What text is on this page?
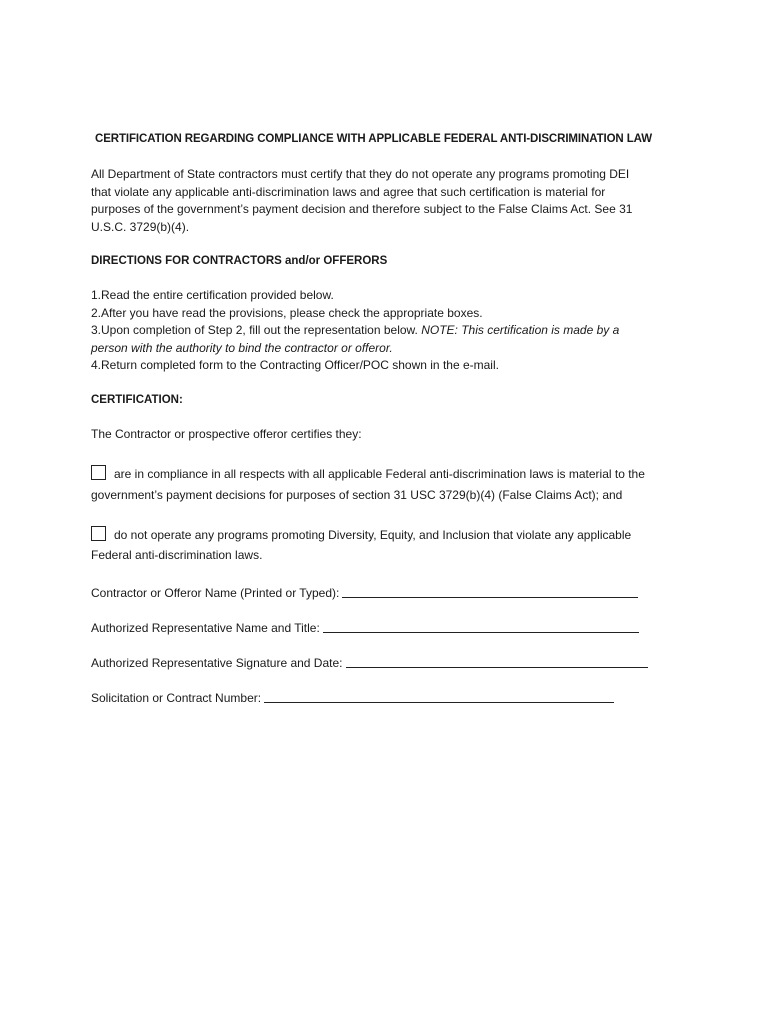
CERTIFICATION REGARDING COMPLIANCE WITH APPLICABLE FEDERAL ANTI-DISCRIMINATION LAW
All Department of State contractors must certify that they do not operate any programs promoting DEI
that violate any applicable anti-discrimination laws and agree that such certification is material for
purposes of the government’s payment decision and therefore subject to the False Claims Act. See 31
U.S.C. 3729(b)(4).
DIRECTIONS FOR CONTRACTORS and/or OFFERORS
1.Read the entire certification provided below.
2.After you have read the provisions, please check the appropriate boxes.
3.Upon completion of Step 2, fill out the representation below. NOTE: This certification is made by a
person with the authority to bind the contractor or offeror.
4.Return completed form to the Contracting Officer/POC shown in the e-mail.
CERTIFICATION:
The Contractor or prospective offeror certifies they:
are in compliance in all respects with all applicable Federal anti-discrimination laws is material to the
government’s payment decisions for purposes of section 31 USC 3729(b)(4) (False Claims Act); and
do not operate any programs promoting Diversity, Equity, and Inclusion that violate any applicable
Federal anti-discrimination laws.
Contractor or Offeror Name (Printed or Typed):
Authorized Representative Name and Title:
Authorized Representative Signature and Date:
Solicitation or Contract Number:
